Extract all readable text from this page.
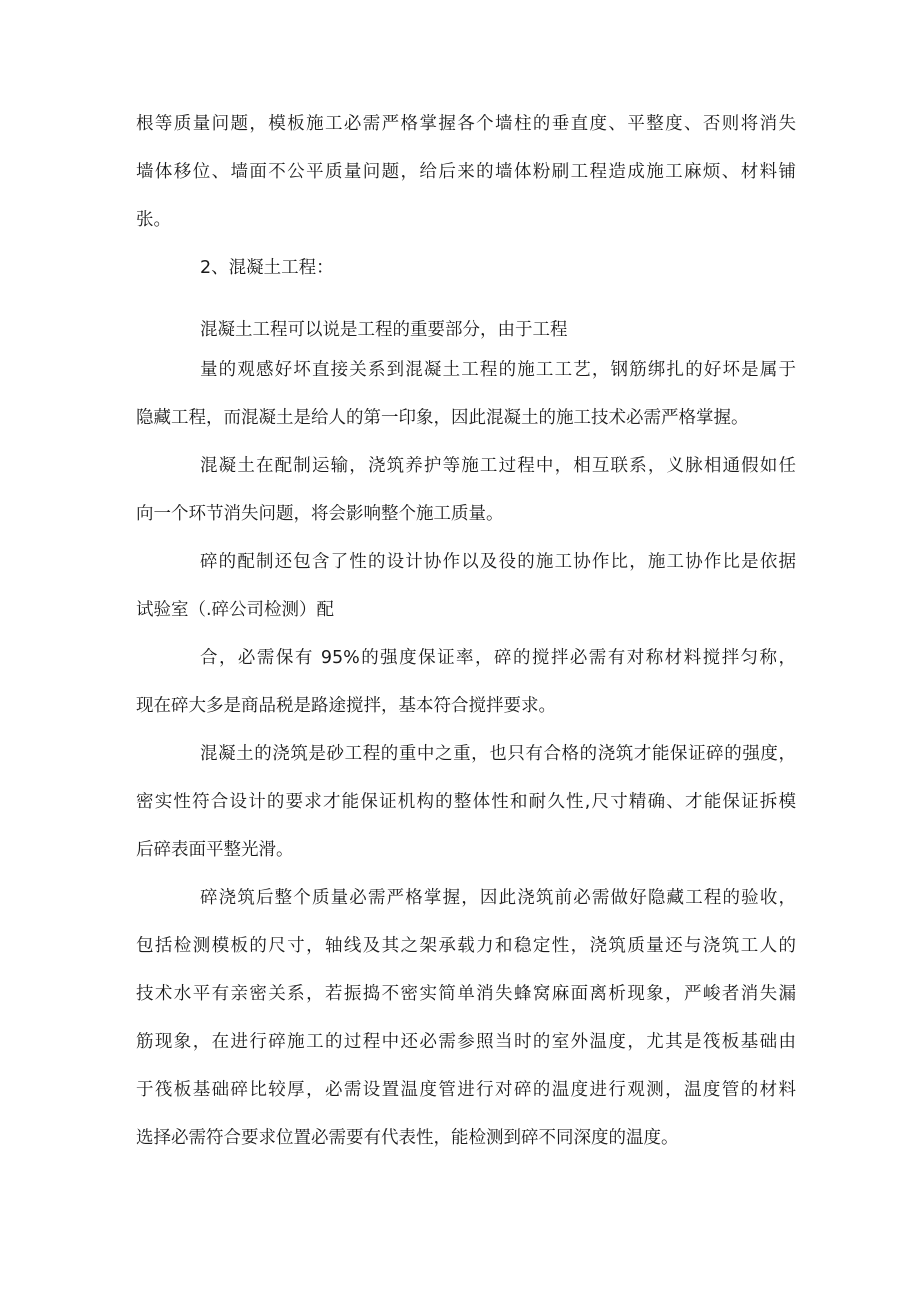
根等质量问题，模板施工必需严格掌握各个墙柱的垂直度、平整度、否则将消失
墙体移位、墙面不公平质量问题，给后来的墙体粉刷工程造成施工麻烦、材料铺
张。
2、混凝土工程：
混凝土工程可以说是工程的重要部分，由于工程
量的观感好坏直接关系到混凝土工程的施工工艺，钢筋绑扎的好坏是属于
隐藏工程，而混凝土是给人的第一印象，因此混凝土的施工技术必需严格掌握。
混凝土在配制运输，浇筑养护等施工过程中，相互联系，义脉相通假如任
向一个环节消失问题，将会影响整个施工质量。
碎的配制还包含了性的设计协作以及役的施工协作比，施工协作比是依据
试验室（.碎公司检测）配
合，必需保有 95%的强度保证率，碎的搅拌必需有对称材料搅拌匀称，
现在碎大多是商品税是路途搅拌，基本符合搅拌要求。
混凝土的浇筑是砂工程的重中之重，也只有合格的浇筑才能保证碎的强度，
密实性符合设计的要求才能保证机构的整体性和耐久性,尺寸精确、才能保证拆模
后碎表面平整光滑。
碎浇筑后整个质量必需严格掌握，因此浇筑前必需做好隐藏工程的验收，
包括检测模板的尺寸，轴线及其之架承载力和稳定性，浇筑质量还与浇筑工人的
技术水平有亲密关系，若振捣不密实简单消失蜂窝麻面离析现象，严峻者消失漏
筋现象，在进行碎施工的过程中还必需参照当时的室外温度，尤其是筏板基础由
于筏板基础碎比较厚，必需设置温度管进行对碎的温度进行观测，温度管的材料
选择必需符合要求位置必需要有代表性，能检测到碎不同深度的温度。
